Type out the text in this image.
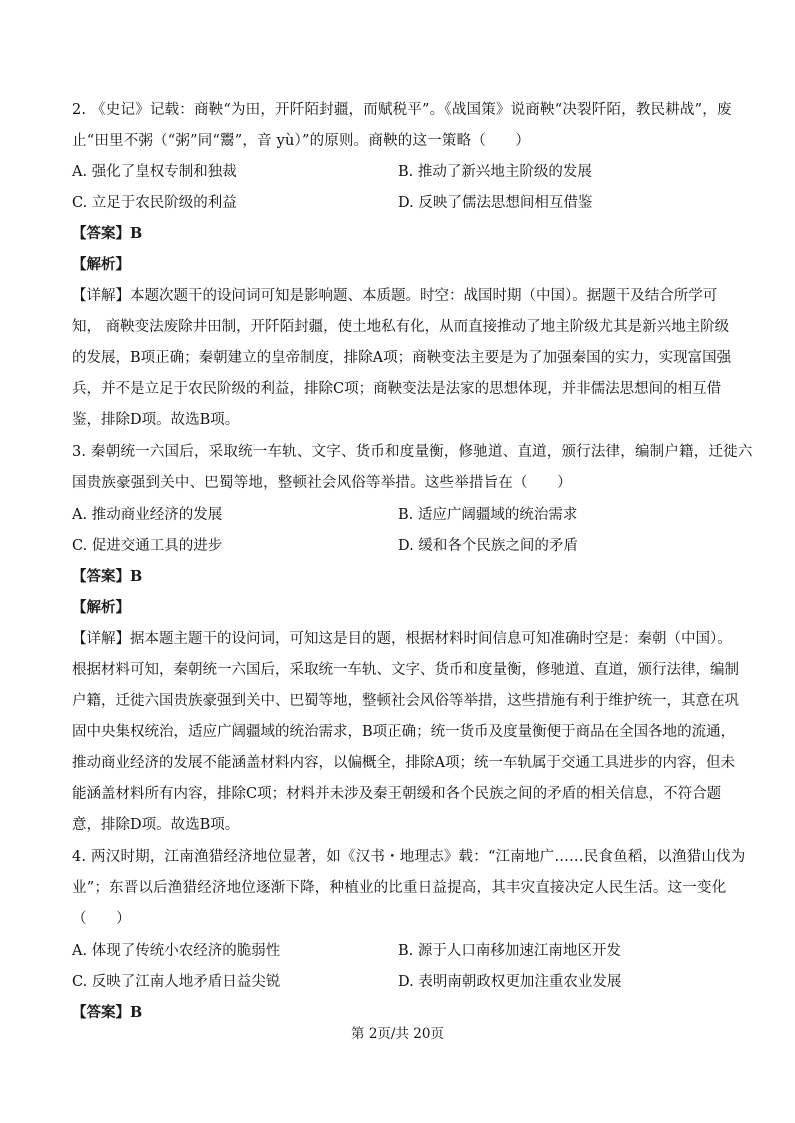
2. 《史记》记载：商鞅“为田，开阡陌封疆，而赋税平”。《战国策》说商鞅“决裂阡陌，教民耕战”，废
止“田里不粥（“粥”同“鬻”，音 yù）”的原则。商鞅的这一策略（　　）
A. 强化了皇权专制和独裁	B. 推动了新兴地主阶级的发展
C. 立足于农民阶级的利益	D. 反映了儒法思想间相互借鉴
【答案】B
【解析】
【详解】本题次题干的设问词可知是影响题、本质题。时空：战国时期（中国）。据题干及结合所学可
知， 商鞅变法废除井田制，开阡陌封疆，使土地私有化，从而直接推动了地主阶级尤其是新兴地主阶级
的发展，B项正确；秦朝建立的皇帝制度，排除A项；商鞅变法主要是为了加强秦国的实力，实现富国强
兵，并不是立足于农民阶级的利益，排除C项；商鞅变法是法家的思想体现，并非儒法思想间的相互借
鉴，排除D项。故选B项。
3. 秦朝统一六国后，采取统一车轨、文字、货币和度量衡，修驰道、直道，颁行法律，编制户籍，迁徙六
国贵族豪强到关中、巴蜀等地，整顿社会风俗等举措。这些举措旨在（　　）
A. 推动商业经济的发展	B. 适应广阔疆域的统治需求
C. 促进交通工具的进步	D. 缓和各个民族之间的矛盾
【答案】B
【解析】
【详解】据本题主题干的设问词，可知这是目的题，根据材料时间信息可知准确时空是：秦朝（中国）。
根据材料可知，秦朝统一六国后，采取统一车轨、文字、货币和度量衡，修驰道、直道，颁行法律，编制
户籍，迁徙六国贵族豪强到关中、巴蜀等地，整顿社会风俗等举措，这些措施有利于维护统一，其意在巩
固中央集权统治，适应广阔疆域的统治需求，B项正确；统一货币及度量衡便于商品在全国各地的流通，
推动商业经济的发展不能涵盖材料内容，以偏概全，排除A项；统一车轨属于交通工具进步的内容，但未
能涵盖材料所有内容，排除C项；材料并未涉及秦王朝缓和各个民族之间的矛盾的相关信息，不符合题
意，排除D项。故选B项。
4. 两汉时期，江南渔猎经济地位显著，如《汉书・地理志》载：“江南地广……民食鱼稻，以渔猎山伐为
业”；东晋以后渔猎经济地位逐渐下降，种植业的比重日益提高，其丰灾直接决定人民生活。这一变化
（　　）
A. 体现了传统小农经济的脆弱性	B. 源于人口南移加速江南地区开发
C. 反映了江南人地矛盾日益尖锐	D. 表明南朝政权更加注重农业发展
【答案】B
第 2页/共 20页
